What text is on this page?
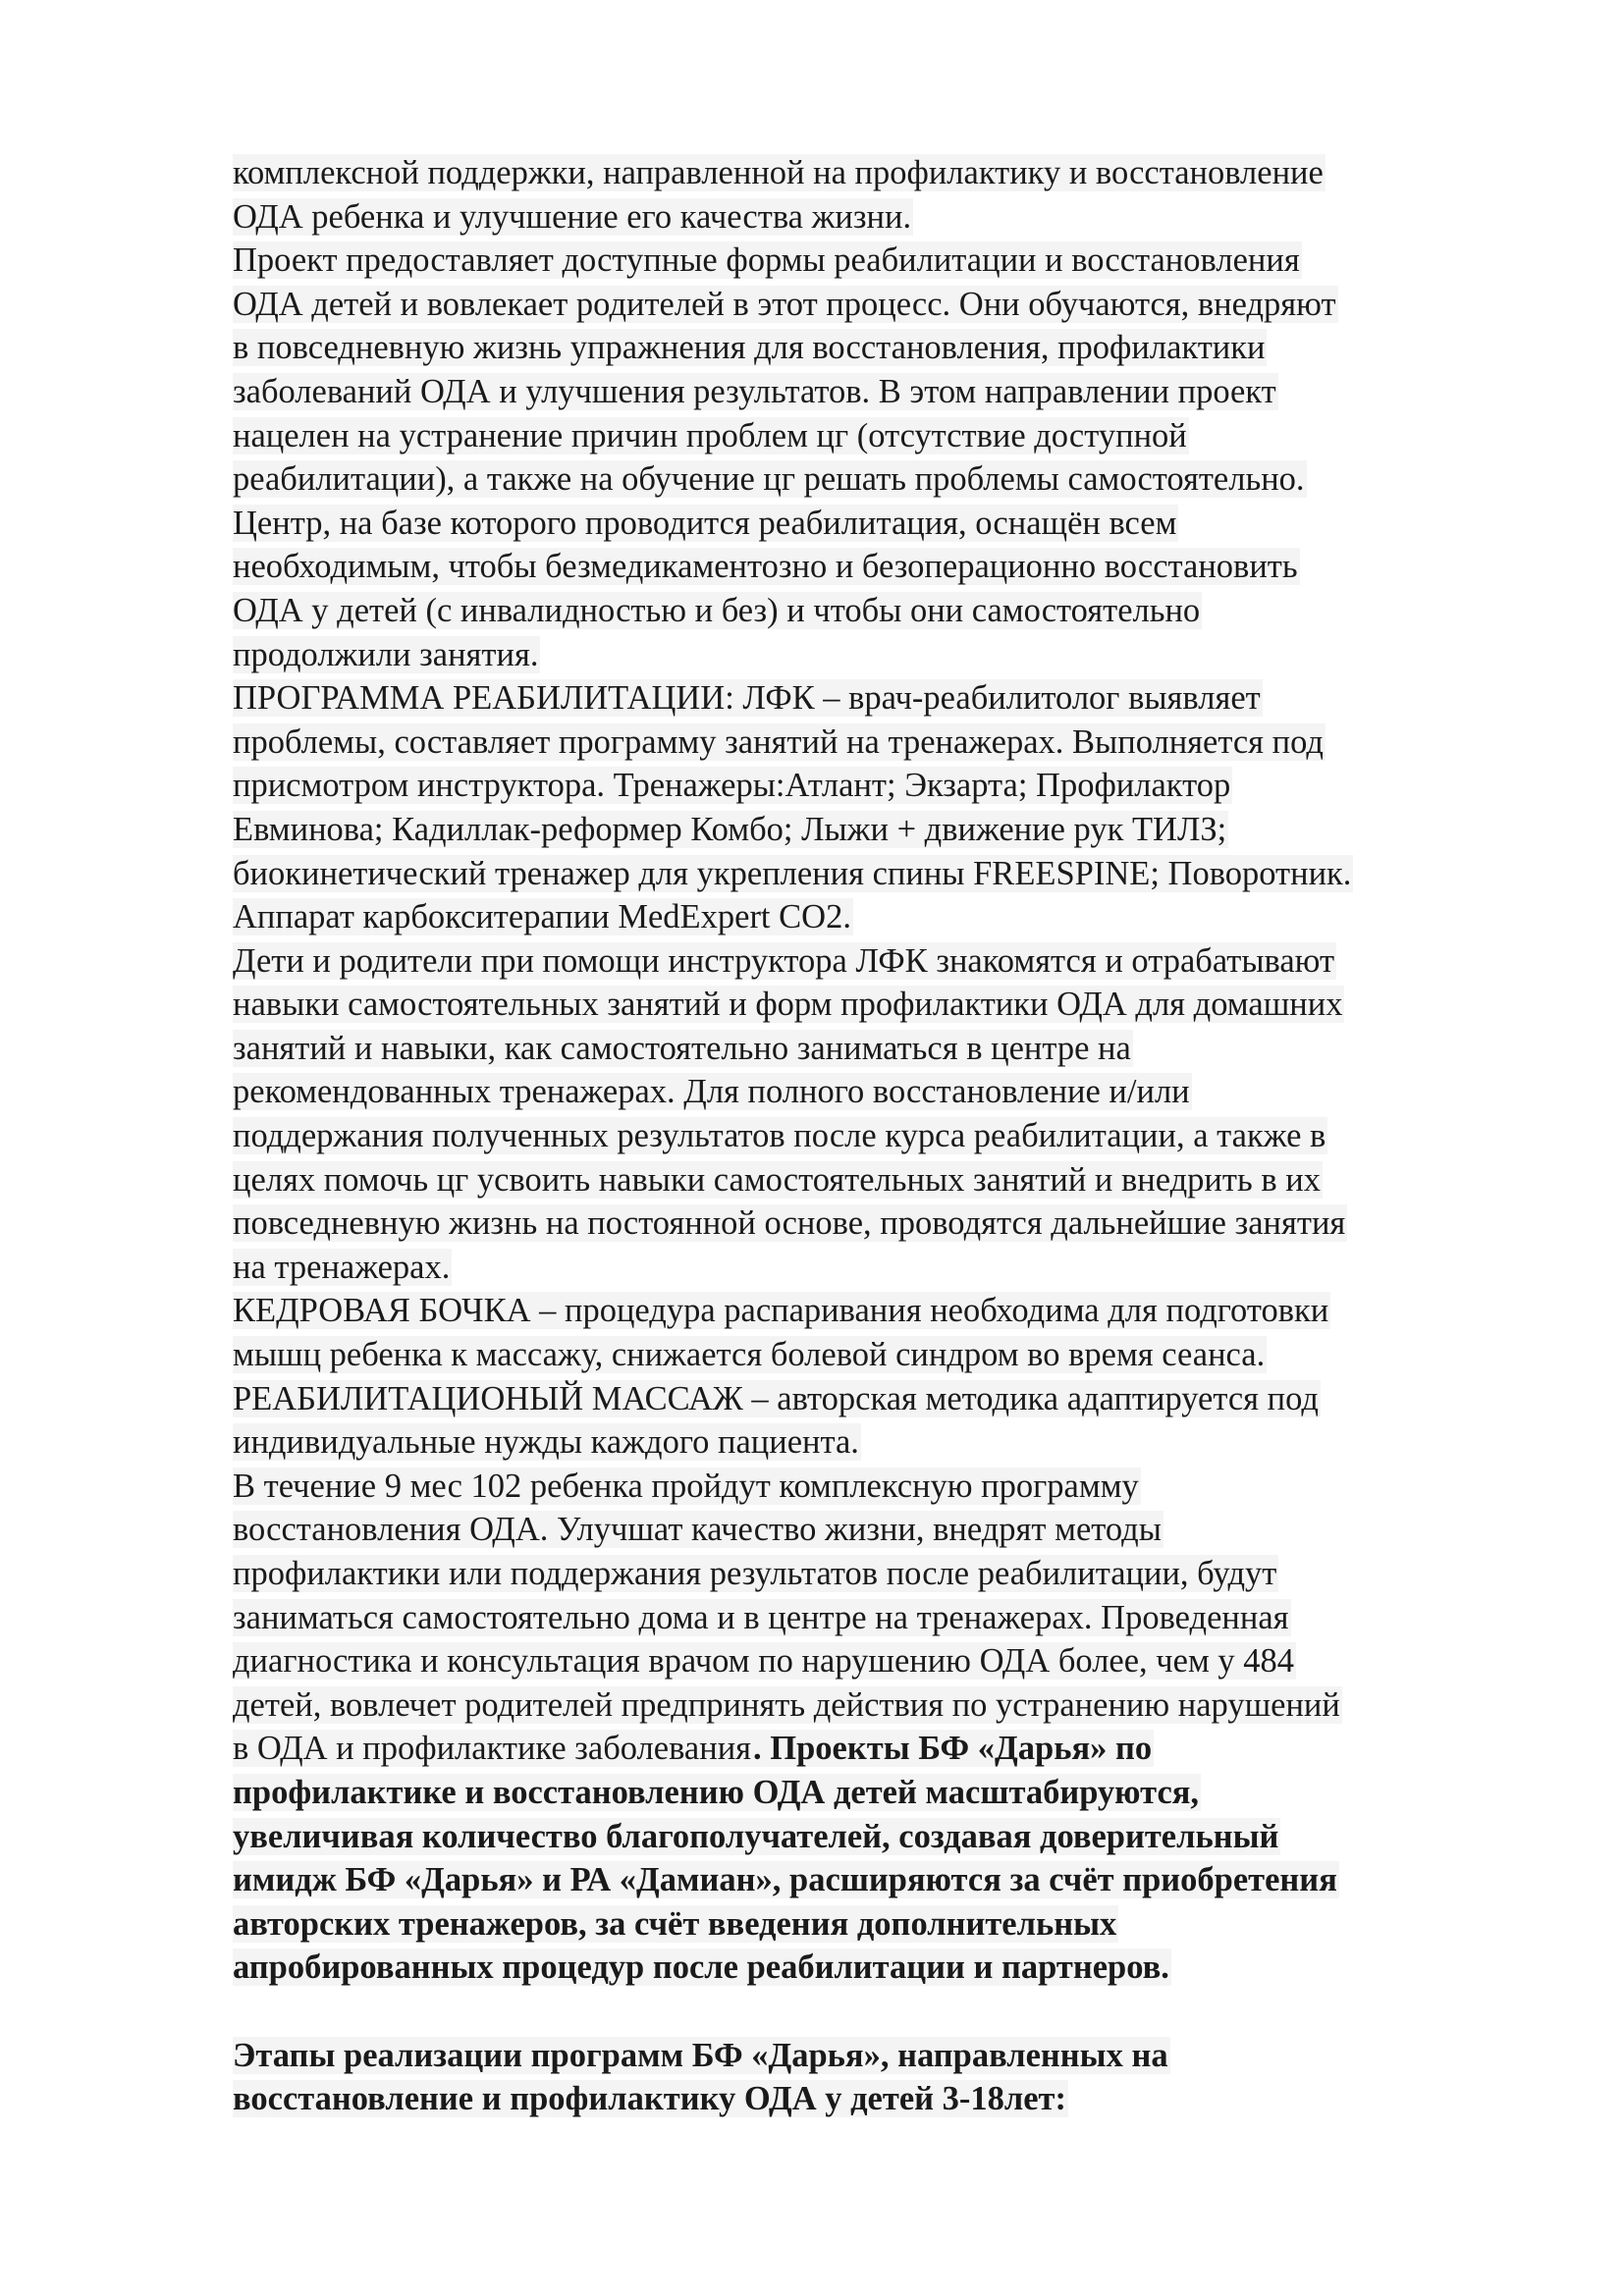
комплексной поддержки, направленной на профилактику и восстановление
ОДА ребенка и улучшение его качества жизни.
Проект предоставляет доступные формы реабилитации и восстановления
ОДА детей и вовлекает родителей в этот процесс. Они обучаются, внедряют
в повседневную жизнь упражнения для восстановления, профилактики
заболеваний ОДА и улучшения результатов. В этом направлении проект
нацелен на устранение причин проблем цг (отсутствие доступной
реабилитации), а также на обучение цг решать проблемы самостоятельно.
Центр, на базе которого проводится реабилитация, оснащён всем
необходимым, чтобы безмедикаментозно и безоперационно восстановить
ОДА у детей (с инвалидностью и без) и чтобы они самостоятельно
продолжили занятия.
ПРОГРАММА РЕАБИЛИТАЦИИ: ЛФК – врач-реабилитолог выявляет
проблемы, составляет программу занятий на тренажерах. Выполняется под
присмотром инструктора. Тренажеры:Атлант; Экзарта; Профилактор
Евминова; Кадиллак-реформер Комбо; Лыжи + движение рук ТИЛЗ;
биокинетический тренажер для укрепления спины FREESPINE; Поворотник.
Аппарат карбокситерапии MedExpert CO2.
Дети и родители при помощи инструктора ЛФК знакомятся и отрабатывают
навыки самостоятельных занятий и форм профилактики ОДА для домашних
занятий и навыки, как самостоятельно заниматься в центре на
рекомендованных тренажерах. Для полного восстановление и/или
поддержания полученных результатов после курса реабилитации, а также в
целях помочь цг усвоить навыки самостоятельных занятий и внедрить в их
повседневную жизнь на постоянной основе, проводятся дальнейшие занятия
на тренажерах.
КЕДРОВАЯ БОЧКА – процедура распаривания необходима для подготовки
мышц ребенка к массажу, снижается болевой синдром во время сеанса.
РЕАБИЛИТАЦИОНЫЙ МАССАЖ – авторская методика адаптируется под
индивидуальные нужды каждого пациента.
В течение 9 мес 102 ребенка пройдут комплексную программу
восстановления ОДА. Улучшат качество жизни, внедрят методы
профилактики или поддержания результатов после реабилитации, будут
заниматься самостоятельно дома и в центре на тренажерах. Проведенная
диагностика и консультация врачом по нарушению ОДА более, чем у 484
детей, вовлечет родителей предпринять действия по устранению нарушений
в ОДА и профилактике заболевания. Проекты БФ «Дарья» по
профилактике и восстановлению ОДА детей масштабируются,
увеличивая количество благополучателей, создавая доверительный
имидж БФ «Дарья» и РА «Дамиан», расширяются за счёт приобретения
авторских тренажеров, за счёт введения дополнительных
апробированных процедур после реабилитации и партнеров.
Этапы реализации программ БФ «Дарья», направленных на
восстановление и профилактику ОДА у детей 3-18лет:
